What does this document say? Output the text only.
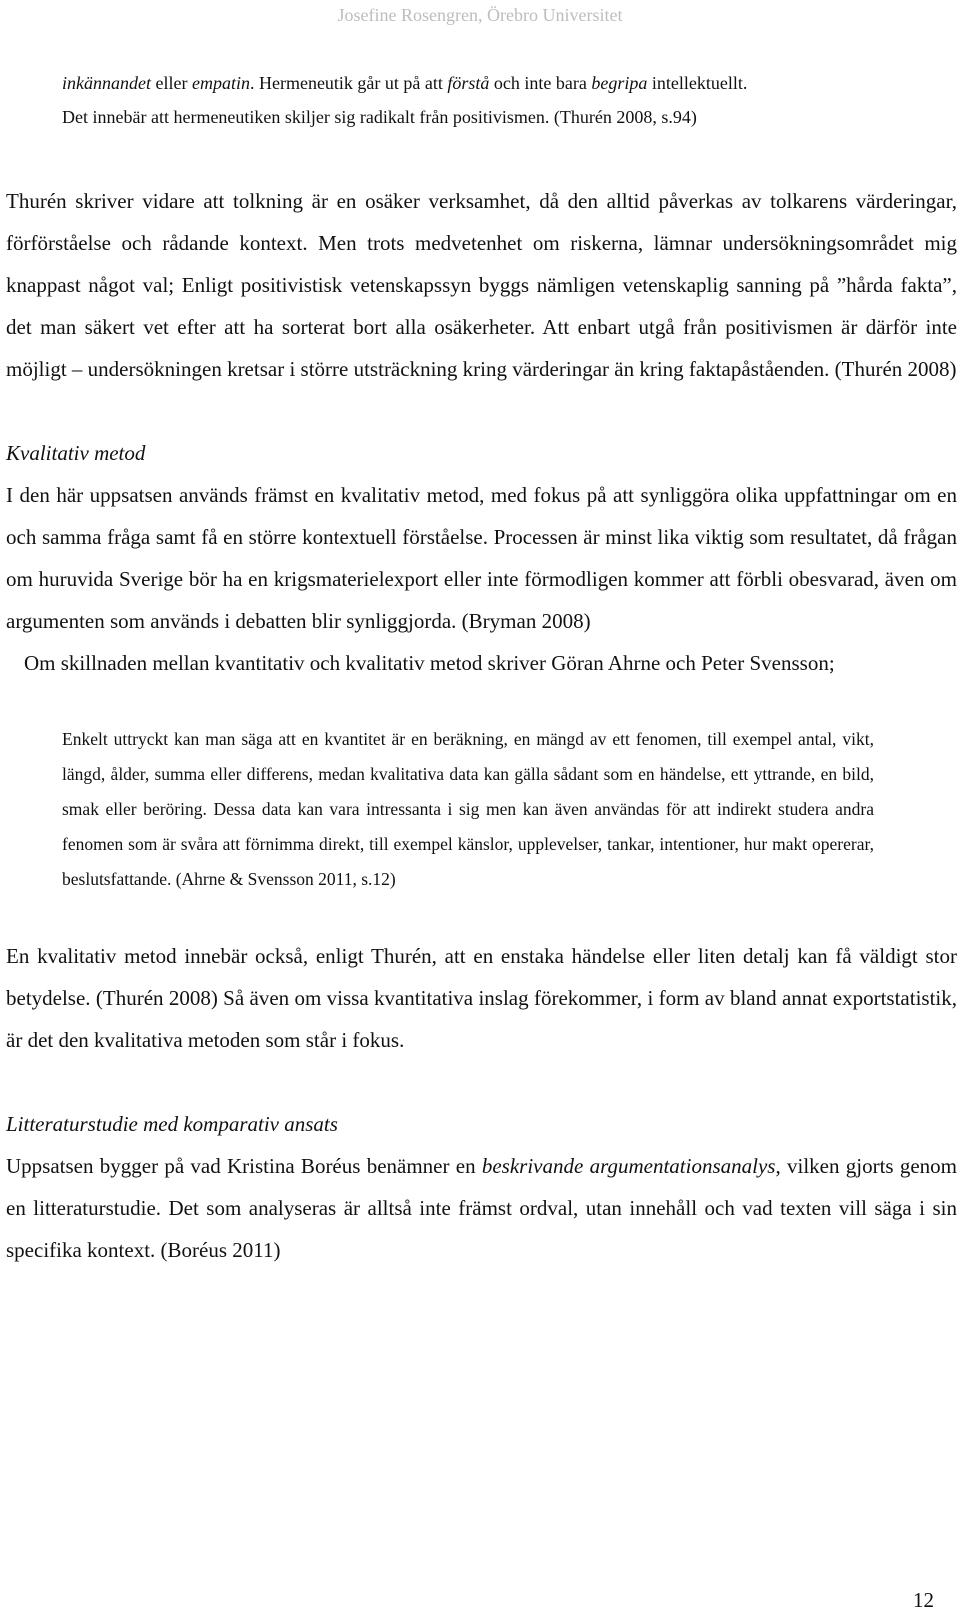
Josefine Rosengren, Örebro Universitet
inkännandet eller empatin. Hermeneutik går ut på att förstå och inte bara begripa intellektuellt.
Det innebär att hermeneutiken skiljer sig radikalt från positivismen. (Thurén 2008, s.94)

Thurén skriver vidare att tolkning är en osäker verksamhet, då den alltid påverkas av tolkarens värderingar, förförståelse och rådande kontext. Men trots medvetenhet om riskerna, lämnar undersökningsområdet mig knappast något val; Enligt positivistisk vetenskapssyn byggs nämligen vetenskaplig sanning på ”hårda fakta”, det man säkert vet efter att ha sorterat bort alla osäkerheter. Att enbart utgå från positivismen är därför inte möjligt – undersökningen kretsar i större utsträckning kring värderingar än kring faktapåståenden. (Thurén 2008)

Kvalitativ metod

I den här uppsatsen används främst en kvalitativ metod, med fokus på att synliggöra olika uppfattningar om en och samma fråga samt få en större kontextuell förståelse. Processen är minst lika viktig som resultatet, då frågan om huruvida Sverige bör ha en krigsmaterielexport eller inte förmodligen kommer att förbli obesvarad, även om argumenten som används i debatten blir synliggjorda. (Bryman 2008)

Om skillnaden mellan kvantitativ och kvalitativ metod skriver Göran Ahrne och Peter Svensson;

Enkelt uttryckt kan man säga att en kvantitet är en beräkning, en mängd av ett fenomen, till exempel antal, vikt, längd, ålder, summa eller differens, medan kvalitativa data kan gälla sådant som en händelse, ett yttrande, en bild, smak eller beröring. Dessa data kan vara intressanta i sig men kan även användas för att indirekt studera andra fenomen som är svåra att förnimma direkt, till exempel känslor, upplevelser, tankar, intentioner, hur makt opererar, beslutsfattande. (Ahrne & Svensson 2011, s.12)

En kvalitativ metod innebär också, enligt Thurén, att en enstaka händelse eller liten detalj kan få väldigt stor betydelse. (Thurén 2008) Så även om vissa kvantitativa inslag förekommer, i form av bland annat exportstatistik, är det den kvalitativa metoden som står i fokus.

Litteraturstudie med komparativ ansats

Uppsatsen bygger på vad Kristina Boréus benämner en beskrivande argumentationsanalys, vilken gjorts genom en litteraturstudie. Det som analyseras är alltså inte främst ordval, utan innehåll och vad texten vill säga i sin specifika kontext. (Boréus 2011)

12
